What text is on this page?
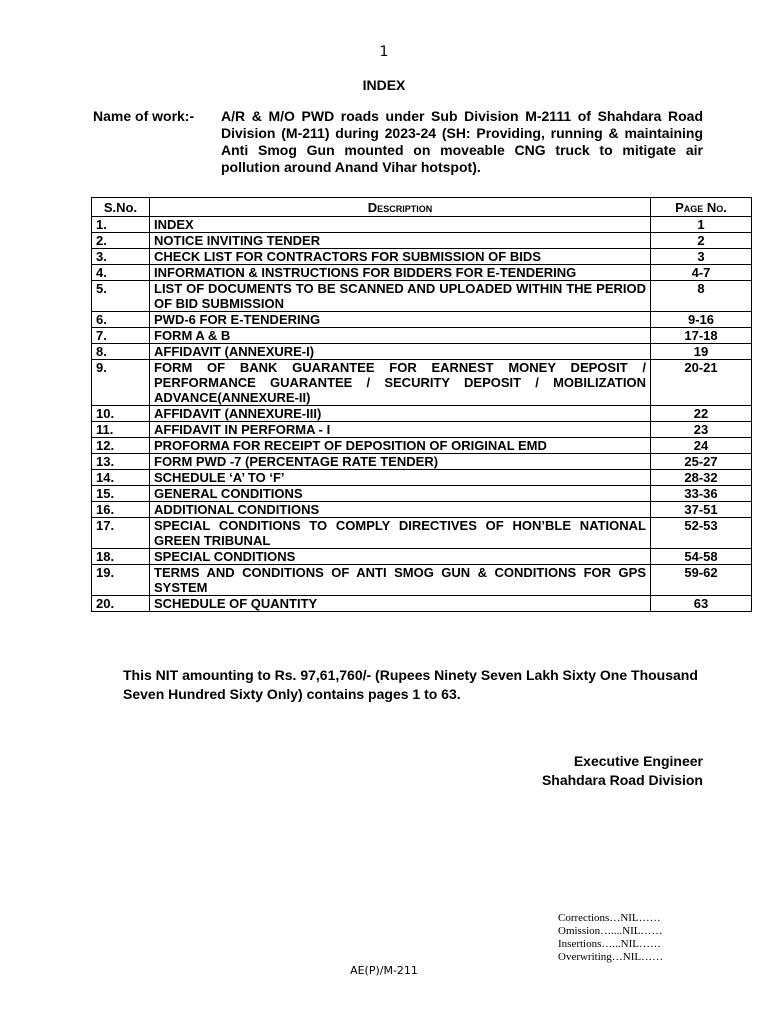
1
INDEX
Name of work:- A/R & M/O PWD roads under Sub Division M-2111 of Shahdara Road Division (M-211) during 2023-24 (SH: Providing, running & maintaining Anti Smog Gun mounted on moveable CNG truck to mitigate air pollution around Anand Vihar hotspot).
S.No.	Description	Page No.
1.	INDEX	1
2.	NOTICE INVITING TENDER	2
3.	CHECK LIST FOR CONTRACTORS FOR SUBMISSION OF BIDS	3
4.	INFORMATION & INSTRUCTIONS FOR BIDDERS FOR E-TENDERING	4-7
5.	LIST OF DOCUMENTS TO BE SCANNED AND UPLOADED WITHIN THE PERIOD OF BID SUBMISSION	8
6.	PWD-6 FOR E-TENDERING	9-16
7.	FORM A & B	17-18
8.	AFFIDAVIT (ANNEXURE-I)	19
9.	FORM OF BANK GUARANTEE FOR EARNEST MONEY DEPOSIT / PERFORMANCE GUARANTEE / SECURITY DEPOSIT / MOBILIZATION ADVANCE(ANNEXURE-II)	20-21
10.	AFFIDAVIT (ANNEXURE-III)	22
11.	AFFIDAVIT IN PERFORMA - I	23
12.	PROFORMA FOR RECEIPT OF DEPOSITION OF ORIGINAL EMD	24
13.	FORM PWD -7 (PERCENTAGE RATE TENDER)	25-27
14.	SCHEDULE ‘A’ TO ‘F’	28-32
15.	GENERAL CONDITIONS	33-36
16.	ADDITIONAL CONDITIONS	37-51
17.	SPECIAL CONDITIONS TO COMPLY DIRECTIVES OF HON’BLE NATIONAL GREEN TRIBUNAL	52-53
18.	SPECIAL CONDITIONS	54-58
19.	TERMS AND CONDITIONS OF ANTI SMOG GUN & CONDITIONS FOR GPS SYSTEM	59-62
20.	SCHEDULE OF QUANTITY	63
This NIT amounting to Rs. 97,61,760/- (Rupees Ninety Seven Lakh Sixty One Thousand Seven Hundred Sixty Only) contains pages 1 to 63.
Executive Engineer
Shahdara Road Division
Corrections…NIL……
Omission…....NIL……
Insertions…...NIL……
Overwriting…NIL……
AE(P)/M-211
